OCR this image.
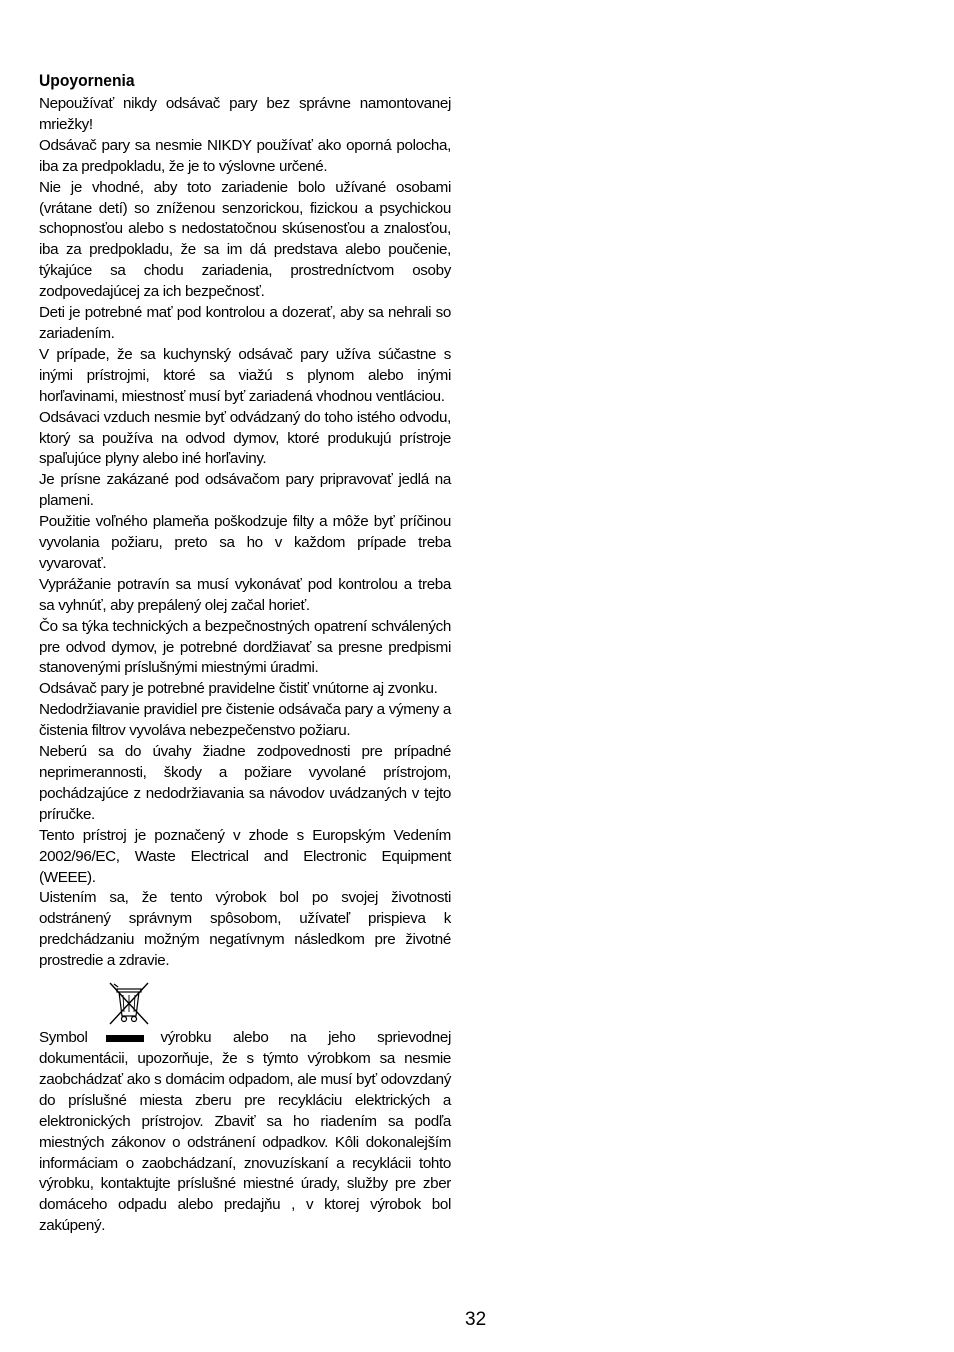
Upoyornenia

Nepoužívať nikdy odsávač pary bez správne namontovanej mriežky!

Odsávač pary sa nesmie NIKDY používať ako oporná polocha, iba za predpokladu, že je to výslovne určené.

Nie je vhodné, aby toto zariadenie bolo užívané osobami (vrátane detí) so zníženou senzorickou, fizickou a psychickou schopnosťou alebo s nedostatočnou skúsenosťou a znalosťou, iba za predpokladu, že sa im dá predstava alebo poučenie, týkajúce sa chodu zariadenia, prostredníctvom osoby zodpovedajúcej za ich bezpečnosť.

Deti je potrebné mať pod kontrolou a dozerať, aby sa nehrali so zariadením.

V prípade, že sa kuchynský odsávač pary užíva súčastne s inými prístrojmi, ktoré sa viažú s plynom alebo inými horľavinami, miestnosť musí byť zariadená vhodnou ventláciou.

Odsávaci vzduch nesmie byť odvádzaný do toho istého odvodu, ktorý sa používa na odvod dymov, ktoré produkujú prístroje spaľujúce plyny alebo iné horľaviny.

Je prísne zakázané pod odsávačom pary pripravovať jedlá na plameni.

Použitie voľného plameňa poškodzuje filty a môže byť príčinou vyvolania požiaru, preto sa ho v každom prípade treba vyvarovať.

Vyprážanie potravín sa musí vykonávať pod kontrolou a treba sa vyhnúť, aby prepálený olej začal horieť.

Čo sa týka technických a bezpečnostných opatrení schválených pre odvod dymov, je potrebné dordžiavať sa presne predpismi stanovenými príslušnými miestnými úradmi.

Odsávač pary je potrebné pravidelne čistiť vnútorne aj zvonku.

Nedodržiavanie pravidiel pre čistenie odsávača pary a výmeny a čistenia filtrov vyvoláva nebezpečenstvo požiaru.

Neberú sa do úvahy žiadne zodpovednosti pre prípadné neprimerannosti, škody a požiare vyvolané prístrojom, pochádzajúce z nedodržiavania sa návodov uvádzaných v tejto príručke.

Tento prístroj je poznačený v zhode s Europským Vedením 2002/96/EC, Waste Electrical and Electronic Equipment (WEEE).

Uistením sa, že tento výrobok bol po svojej životnosti odstránený správnym spôsobom, užívateľ prispieva k predchádzaniu možným negatívnym následkom pre životné prostredie a zdravie.

Symbol	výrobku alebo na jeho sprievodnej dokumentácii, upozorňuje, že s týmto výrobkom sa nesmie zaobchádzať ako s domácim odpadom, ale musí byť odovzdaný do príslušné miesta zberu pre recykláciu elektrických a elektronických prístrojov. Zbaviť sa ho riadením sa podľa miestných zákonov o odstránení odpadkov. Kôli dokonalejším informáciam o zaobchádzaní, znovuzískaní a recyklácii tohto výrobku, kontaktujte príslušné miestné úrady, služby pre zber domáceho odpadu alebo predajňu , v ktorej výrobok bol zakúpený.

32
